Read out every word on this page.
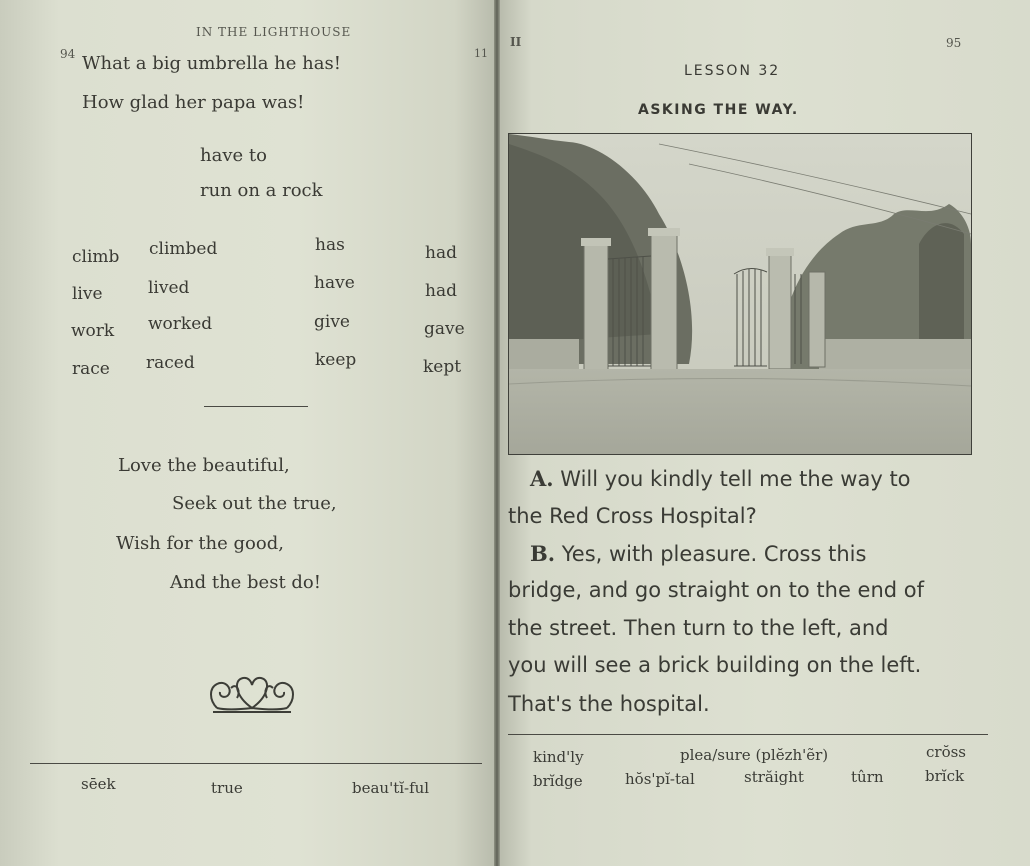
IN THE LIGHTHOUSE
94	11
What a big umbrella he has!
How glad her papa was!
have to
run on a rock
climb climbed	has	had
live	lived	have	had
work worked	give	gave
race raced	keep	kept
Love the beautiful,
Seek out the true,
Wish for the good,
And the best do!
sēek	true	beau'tĭ-ful
II	95
LESSON 32
ASKING THE WAY.
A. Will you kindly tell me the way to
the Red Cross Hospital?
B. Yes, with pleasure. Cross this
bridge, and go straight on to the end of
the street. Then turn to the left, and
you will see a brick building on the left.
That's the hospital.
kind'ly	plea/sure (plĕzh'ẽr)	crŏss
brĭdge	hŏs'pĭ-tal	străight	tûrn	brĭck
